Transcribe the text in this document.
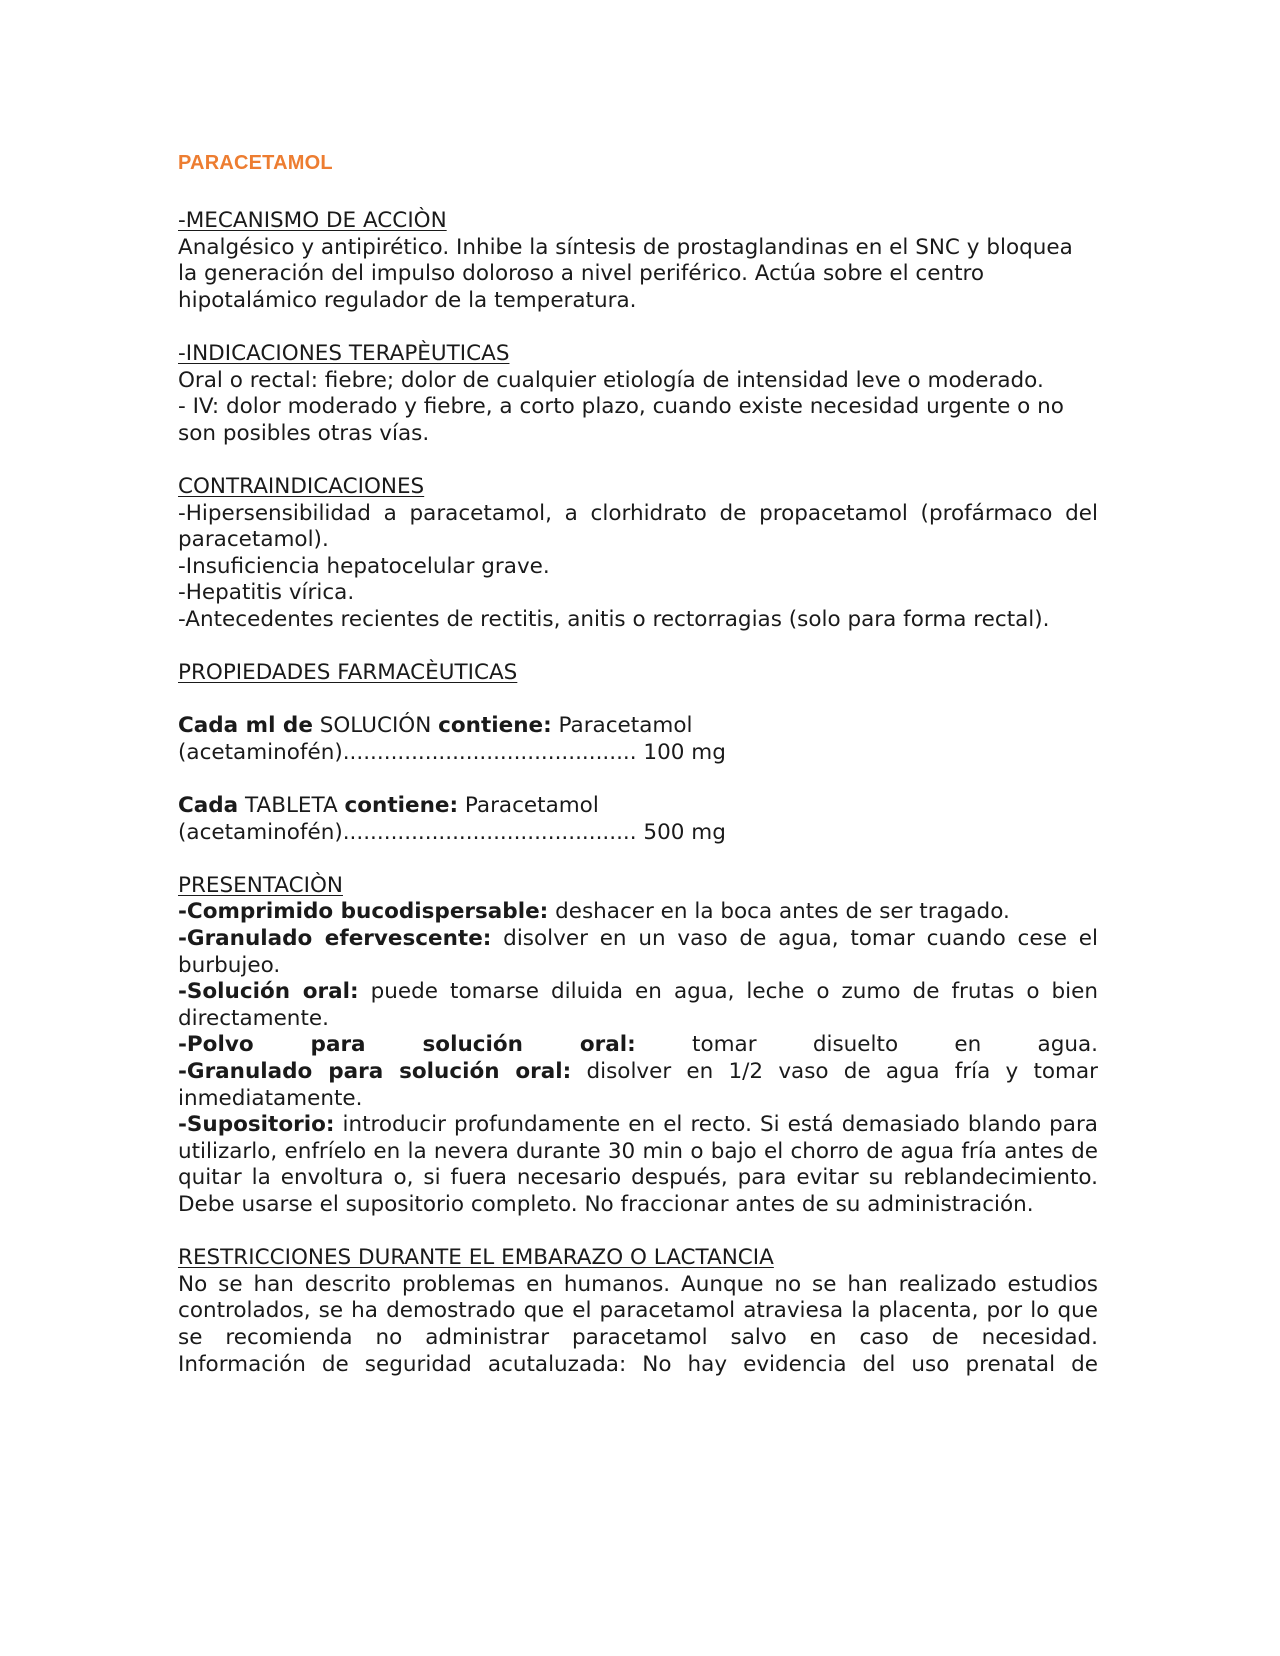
PARACETAMOL
-MECANISMO DE ACCIÒN
Analgésico y antipirético. Inhibe la síntesis de prostaglandinas en el SNC y bloquea la generación del impulso doloroso a nivel periférico. Actúa sobre el centro hipotalámico regulador de la temperatura.
-INDICACIONES TERAPÈUTICAS
Oral o rectal: fiebre; dolor de cualquier etiología de intensidad leve o moderado.
- IV: dolor moderado y fiebre, a corto plazo, cuando existe necesidad urgente o no son posibles otras vías.
CONTRAINDICACIONES
-Hipersensibilidad a paracetamol, a clorhidrato de propacetamol (profármaco del paracetamol).
-Insuficiencia hepatocelular grave.
-Hepatitis vírica.
-Antecedentes recientes de rectitis, anitis o rectorragias (solo para forma rectal).
PROPIEDADES FARMACÈUTICAS
Cada ml de SOLUCIÓN contiene: Paracetamol
(acetaminofén)........................................... 100 mg
Cada TABLETA contiene: Paracetamol
(acetaminofén)........................................... 500 mg
PRESENTACIÒN
-Comprimido bucodispersable: deshacer en la boca antes de ser tragado.
-Granulado efervescente: disolver en un vaso de agua, tomar cuando cese el burbujeo.
-Solución oral: puede tomarse diluida en agua, leche o zumo de frutas o bien directamente.
-Polvo para solución oral: tomar disuelto en agua.
-Granulado para solución oral: disolver en 1/2 vaso de agua fría y tomar inmediatamente.
-Supositorio: introducir profundamente en el recto. Si está demasiado blando para utilizarlo, enfríelo en la nevera durante 30 min o bajo el chorro de agua fría antes de quitar la envoltura o, si fuera necesario después, para evitar su reblandecimiento. Debe usarse el supositorio completo. No fraccionar antes de su administración.
RESTRICCIONES DURANTE EL EMBARAZO O LACTANCIA
No se han descrito problemas en humanos. Aunque no se han realizado estudios controlados, se ha demostrado que el paracetamol atraviesa la placenta, por lo que se recomienda no administrar paracetamol salvo en caso de necesidad.
Información de seguridad acutaluzada: No hay evidencia del uso prenatal de
